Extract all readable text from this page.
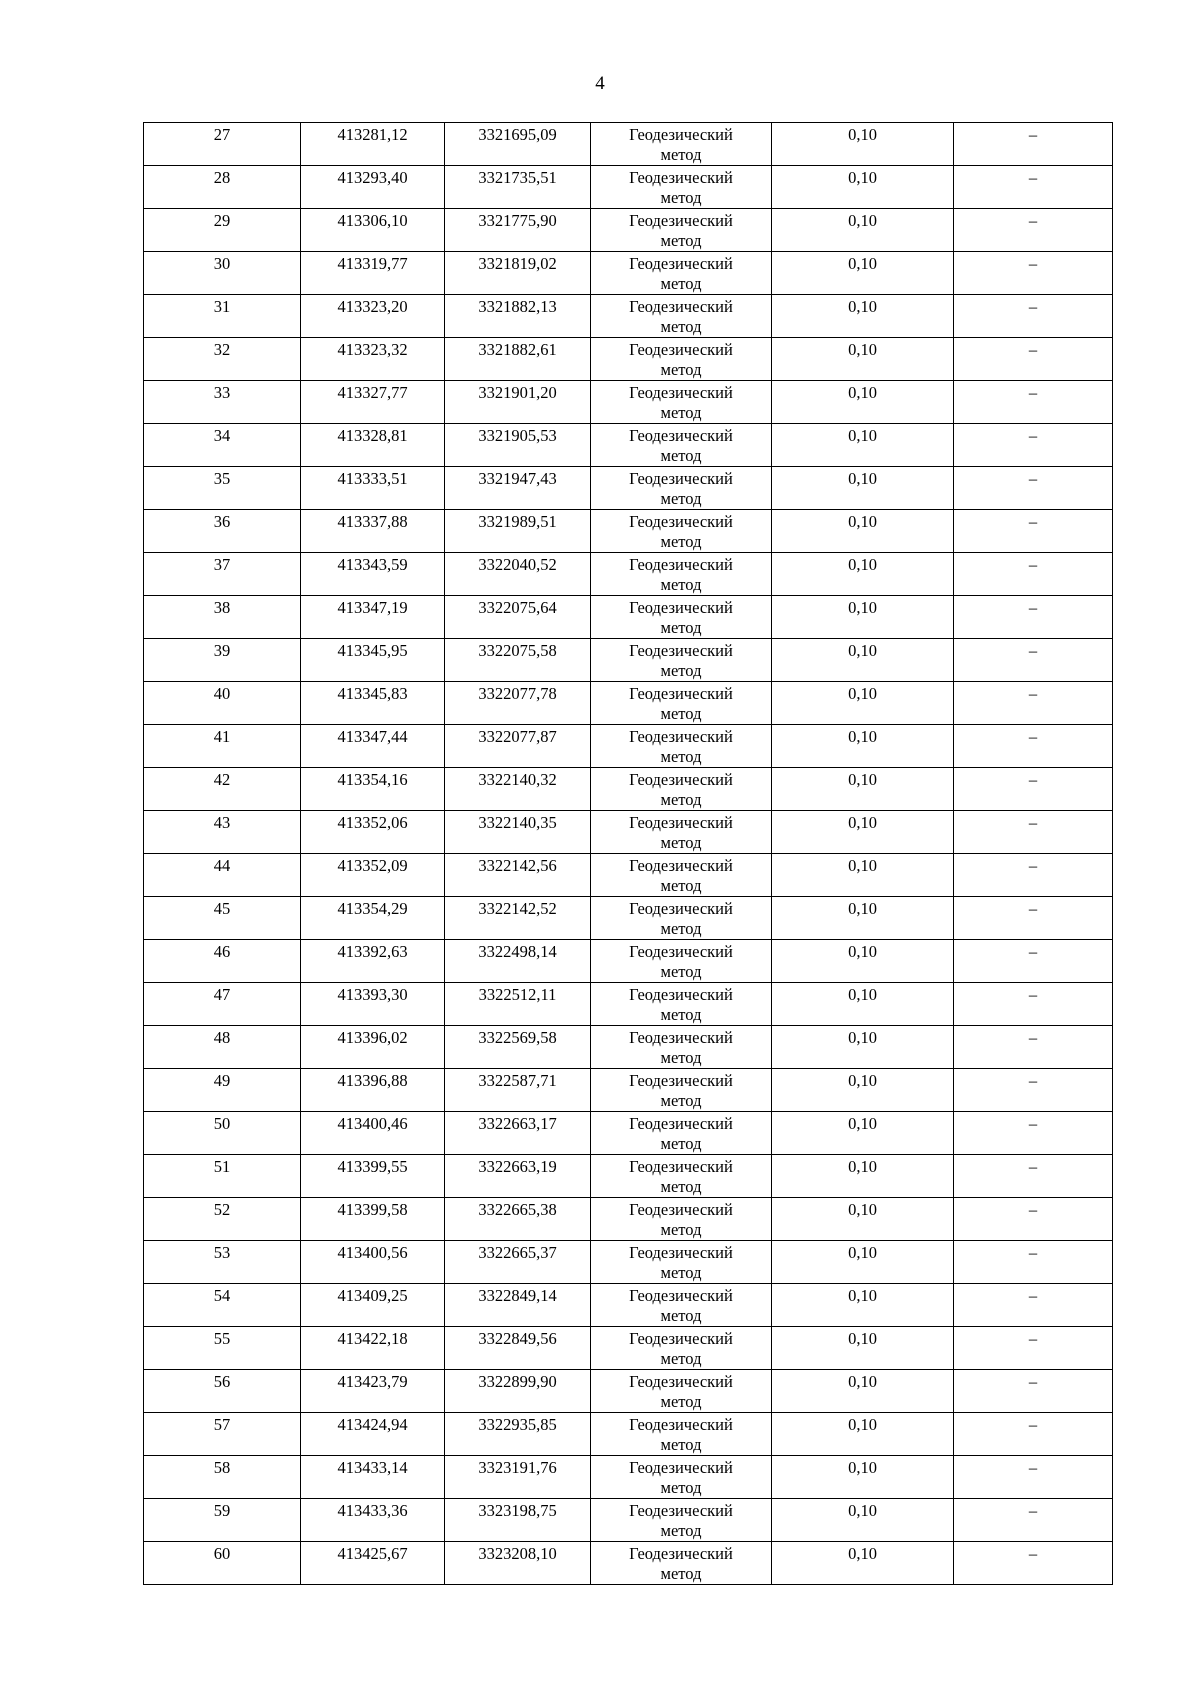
4
27	413281,12	3321695,09	Геодезический метод	0,10	–
28	413293,40	3321735,51	Геодезический метод	0,10	–
29	413306,10	3321775,90	Геодезический метод	0,10	–
30	413319,77	3321819,02	Геодезический метод	0,10	–
31	413323,20	3321882,13	Геодезический метод	0,10	–
32	413323,32	3321882,61	Геодезический метод	0,10	–
33	413327,77	3321901,20	Геодезический метод	0,10	–
34	413328,81	3321905,53	Геодезический метод	0,10	–
35	413333,51	3321947,43	Геодезический метод	0,10	–
36	413337,88	3321989,51	Геодезический метод	0,10	–
37	413343,59	3322040,52	Геодезический метод	0,10	–
38	413347,19	3322075,64	Геодезический метод	0,10	–
39	413345,95	3322075,58	Геодезический метод	0,10	–
40	413345,83	3322077,78	Геодезический метод	0,10	–
41	413347,44	3322077,87	Геодезический метод	0,10	–
42	413354,16	3322140,32	Геодезический метод	0,10	–
43	413352,06	3322140,35	Геодезический метод	0,10	–
44	413352,09	3322142,56	Геодезический метод	0,10	–
45	413354,29	3322142,52	Геодезический метод	0,10	–
46	413392,63	3322498,14	Геодезический метод	0,10	–
47	413393,30	3322512,11	Геодезический метод	0,10	–
48	413396,02	3322569,58	Геодезический метод	0,10	–
49	413396,88	3322587,71	Геодезический метод	0,10	–
50	413400,46	3322663,17	Геодезический метод	0,10	–
51	413399,55	3322663,19	Геодезический метод	0,10	–
52	413399,58	3322665,38	Геодезический метод	0,10	–
53	413400,56	3322665,37	Геодезический метод	0,10	–
54	413409,25	3322849,14	Геодезический метод	0,10	–
55	413422,18	3322849,56	Геодезический метод	0,10	–
56	413423,79	3322899,90	Геодезический метод	0,10	–
57	413424,94	3322935,85	Геодезический метод	0,10	–
58	413433,14	3323191,76	Геодезический метод	0,10	–
59	413433,36	3323198,75	Геодезический метод	0,10	–
60	413425,67	3323208,10	Геодезический метод	0,10	–
